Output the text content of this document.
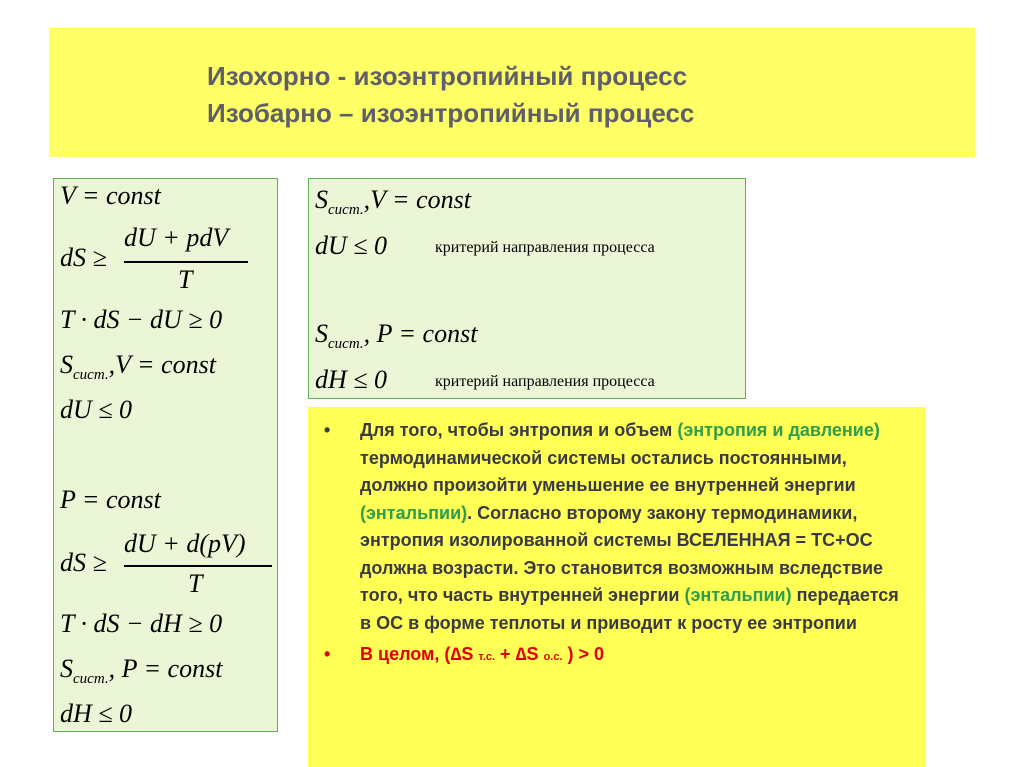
Изохорно - изоэнтропийный процесс
Изобарно – изоэнтропийный процесс
V = const
dS ≥
dU + pdV
T
T · dS − dU ≥ 0
$S_{сист.},V$ = const
dU ≤ 0
P = const
dS ≥
dU + d(pV)
T
T · dS − dH ≥ 0
$S_{сист.}$, P = const
dH ≤ 0
$S_{сист.},V$ = const
dU ≤ 0	критерий направления процесса
$S_{сист.}$, P = const
dH ≤ 0	критерий направления процесса
•	Для того, чтобы энтропия и объем (энтропия и давление) термодинамической системы остались постоянными, должно произойти уменьшение ее внутренней энергии (энтальпии). Согласно второму закону термодинамики, энтропия изолированной системы ВСЕЛЕННАЯ = ТС+ОС должна возрасти. Это становится возможным вследствие того, что часть внутренней энергии (энтальпии) передается в ОС в форме теплоты и приводит к росту ее энтропии
•	В целом, (∆S т.с. + ∆S о.с. ) > 0
